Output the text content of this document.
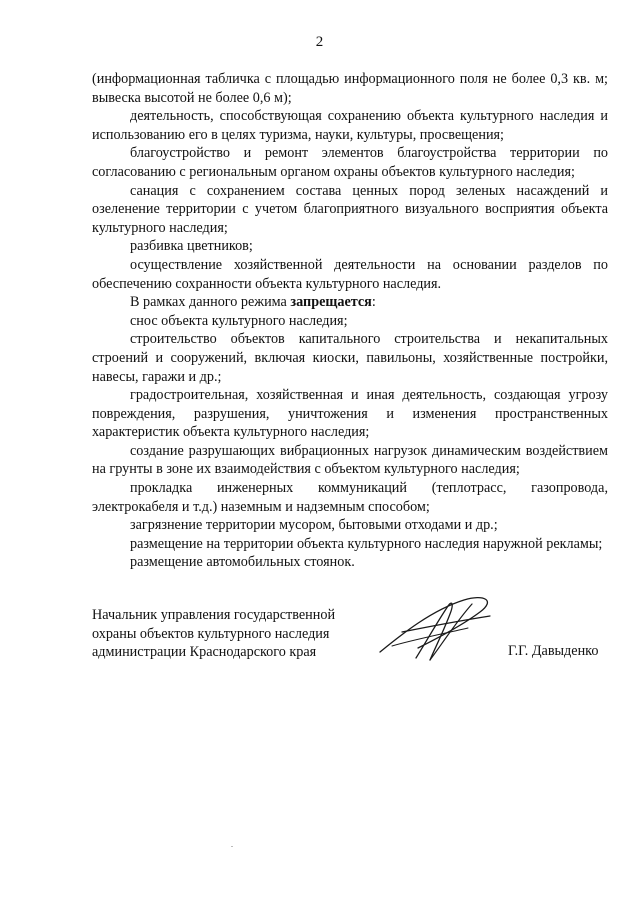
2

(информационная табличка с площадью информационного поля не более 0,3 кв. м; вывеска высотой не более 0,6 м);

деятельность, способствующая сохранению объекта культурного наследия и использованию его в целях туризма, науки, культуры, просвещения;

благоустройство и ремонт элементов благоустройства территории по согласованию с региональным органом охраны объектов культурного наследия;

санация с сохранением состава ценных пород зеленых насаждений и озеленение территории с учетом благоприятного визуального восприятия объекта культурного наследия;

разбивка цветников;

осуществление хозяйственной деятельности на основании разделов по обеспечению сохранности объекта культурного наследия.

В рамках данного режима запрещается:

снос объекта культурного наследия;

строительство объектов капитального строительства и некапитальных строений и сооружений, включая киоски, павильоны, хозяйственные постройки, навесы, гаражи и др.;

градостроительная, хозяйственная и иная деятельность, создающая угрозу повреждения, разрушения, уничтожения и изменения пространственных характеристик объекта культурного наследия;

создание разрушающих вибрационных нагрузок динамическим воздействием на грунты в зоне их взаимодействия с объектом культурного наследия;

прокладка инженерных коммуникаций (теплотрасс, газопровода, электрокабеля и т.д.) наземным и надземным способом;

загрязнение территории мусором, бытовыми отходами и др.;

размещение на территории объекта культурного наследия наружной рекламы;

размещение автомобильных стоянок.

Начальник управления государственной
охраны объектов культурного наследия
администрации Краснодарского края	Г.Г. Давыденко
